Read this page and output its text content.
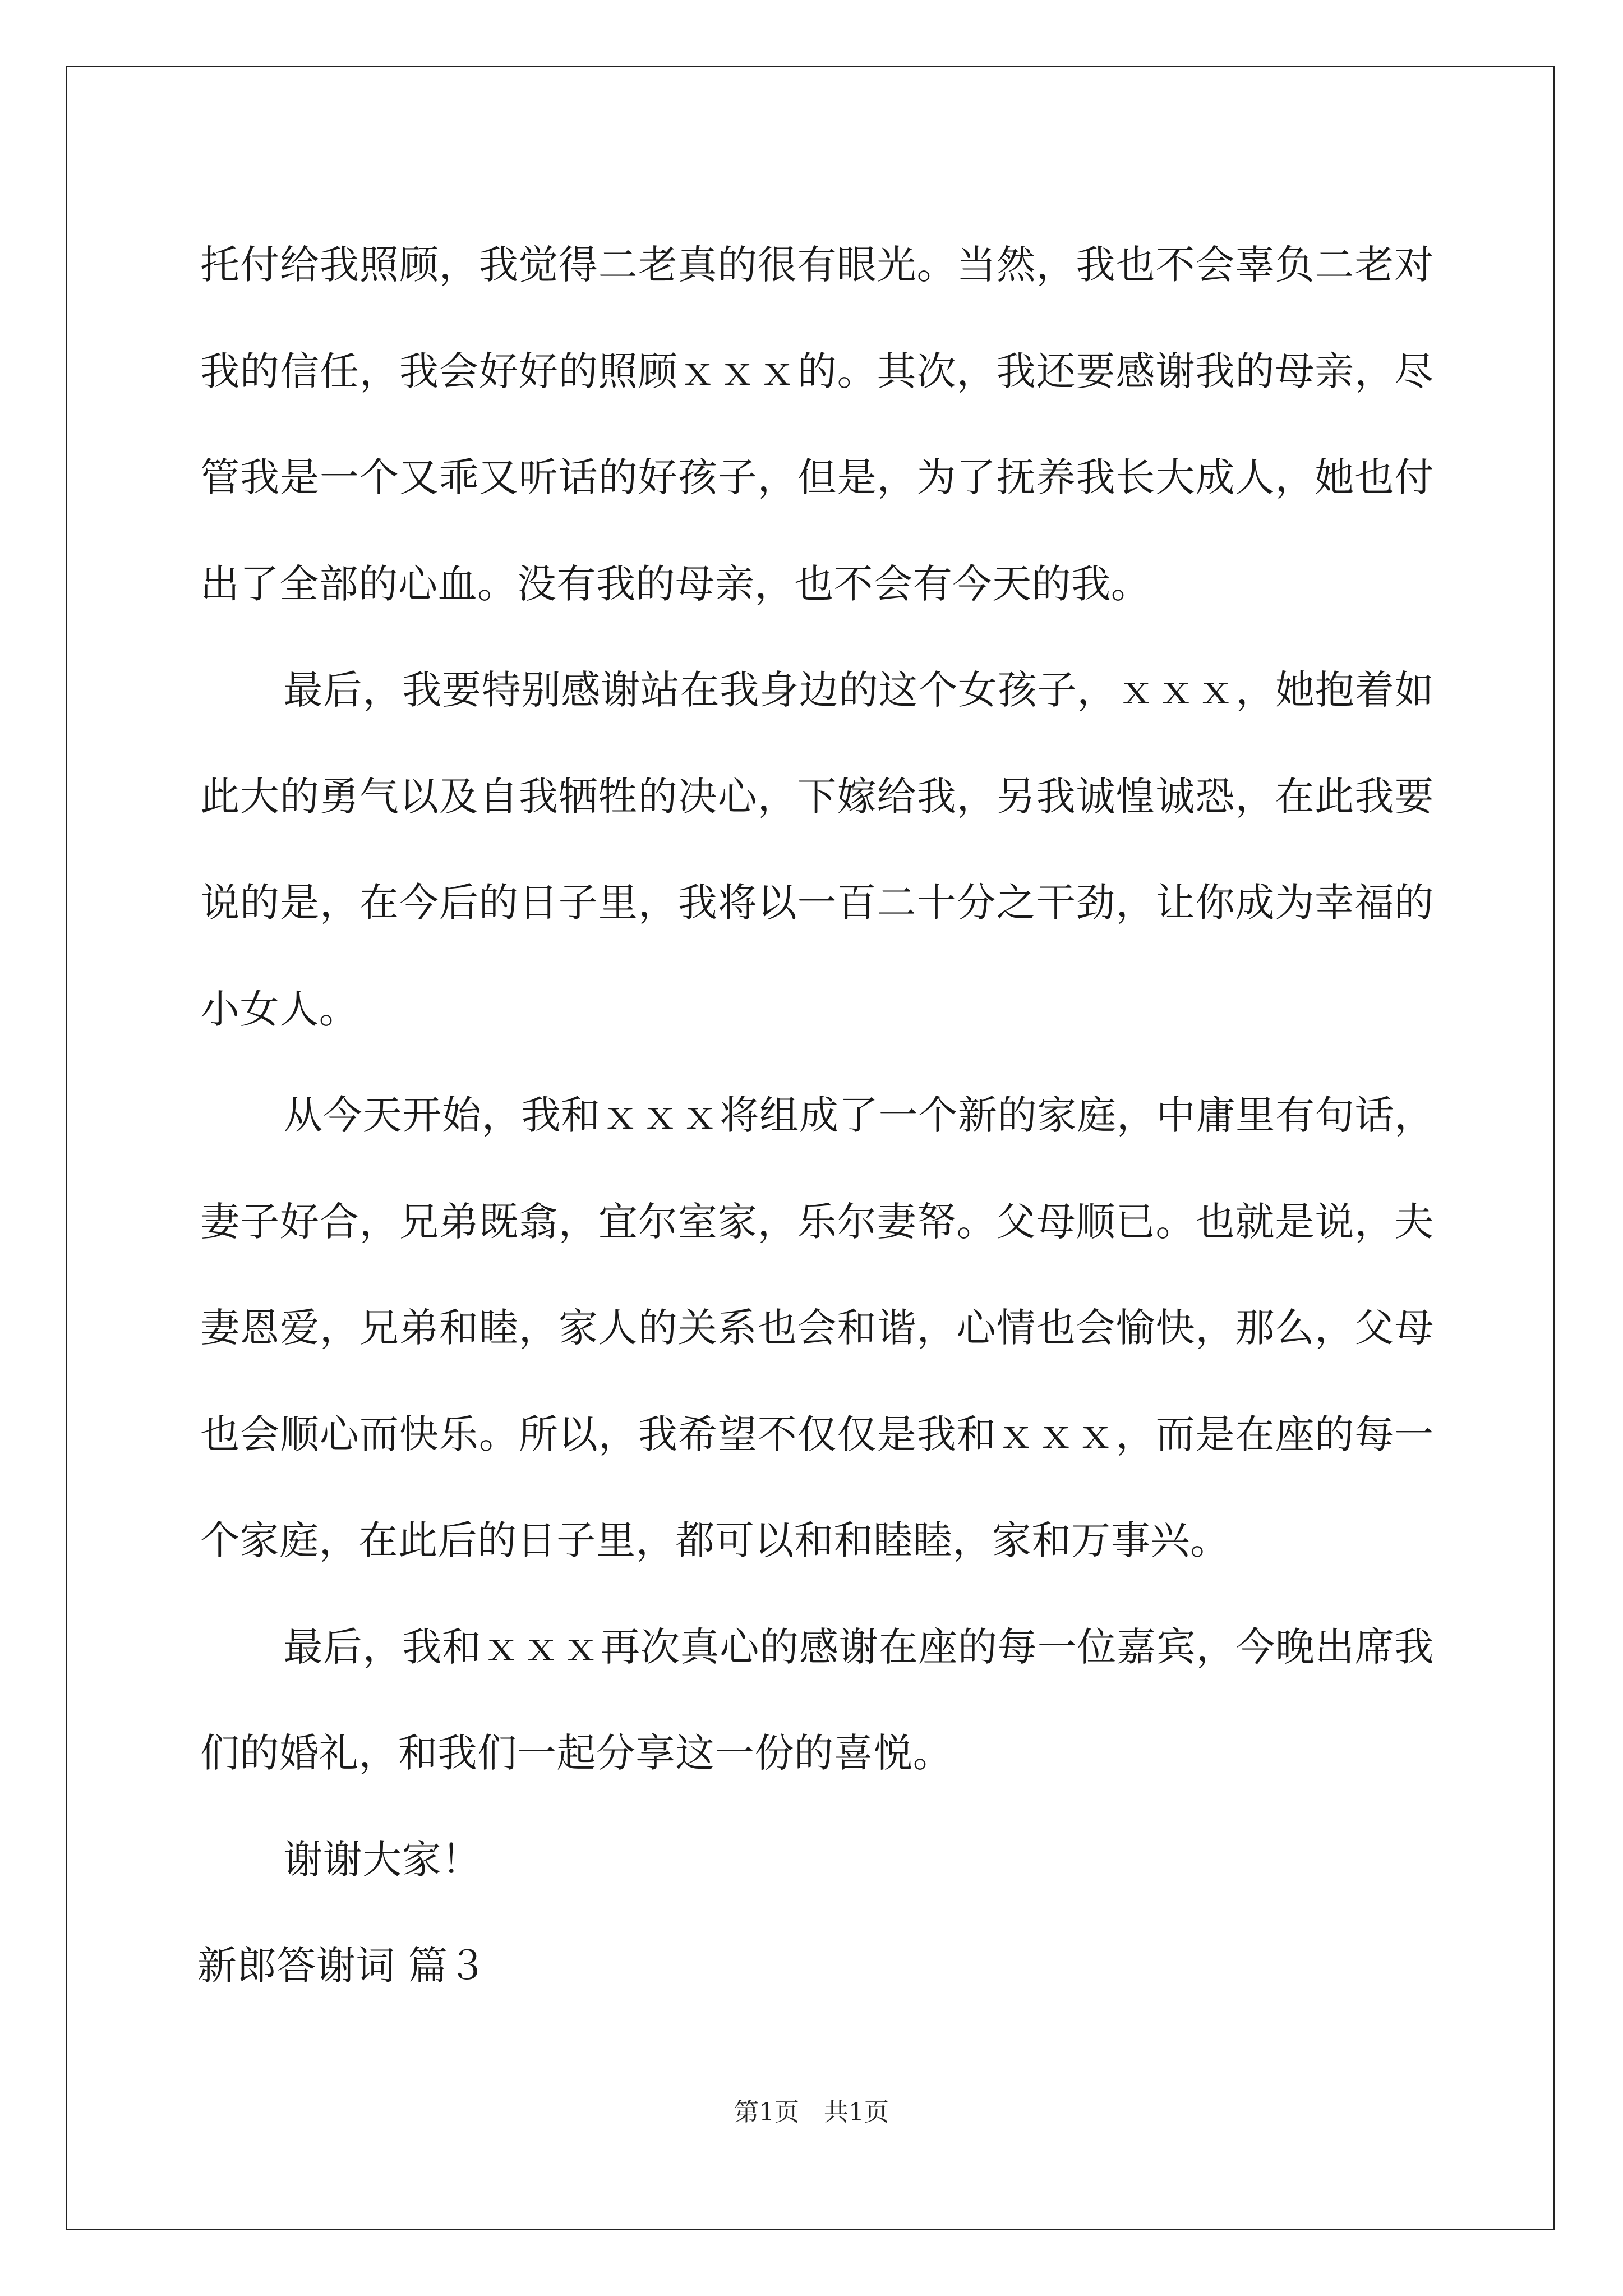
托付给我照顾，我觉得二老真的很有眼光。当然，我也不会辜负二老对我的信任，我会好好的照顾ｘｘｘ的。其次，我还要感谢我的母亲，尽管我是一个又乖又听话的好孩子，但是，为了抚养我长大成人，她也付出了全部的心血。没有我的母亲，也不会有今天的我。

最后，我要特别感谢站在我身边的这个女孩子，ｘｘｘ，她抱着如此大的勇气以及自我牺牲的决心，下嫁给我，另我诚惶诚恐，在此我要说的是，在今后的日子里，我将以一百二十分之干劲，让你成为幸福的小女人。

从今天开始，我和ｘｘｘ将组成了一个新的家庭，中庸里有句话，妻子好合，兄弟既翕，宜尔室家，乐尔妻帑。父母顺已。也就是说，夫妻恩爱，兄弟和睦，家人的关系也会和谐，心情也会愉快，那么，父母也会顺心而快乐。所以，我希望不仅仅是我和ｘｘｘ，而是在座的每一个家庭，在此后的日子里，都可以和和睦睦，家和万事兴。

最后，我和ｘｘｘ再次真心的感谢在座的每一位嘉宾，今晚出席我们的婚礼，和我们一起分享这一份的喜悦。

谢谢大家！

新郎答谢词 篇３

第1页　共1页
